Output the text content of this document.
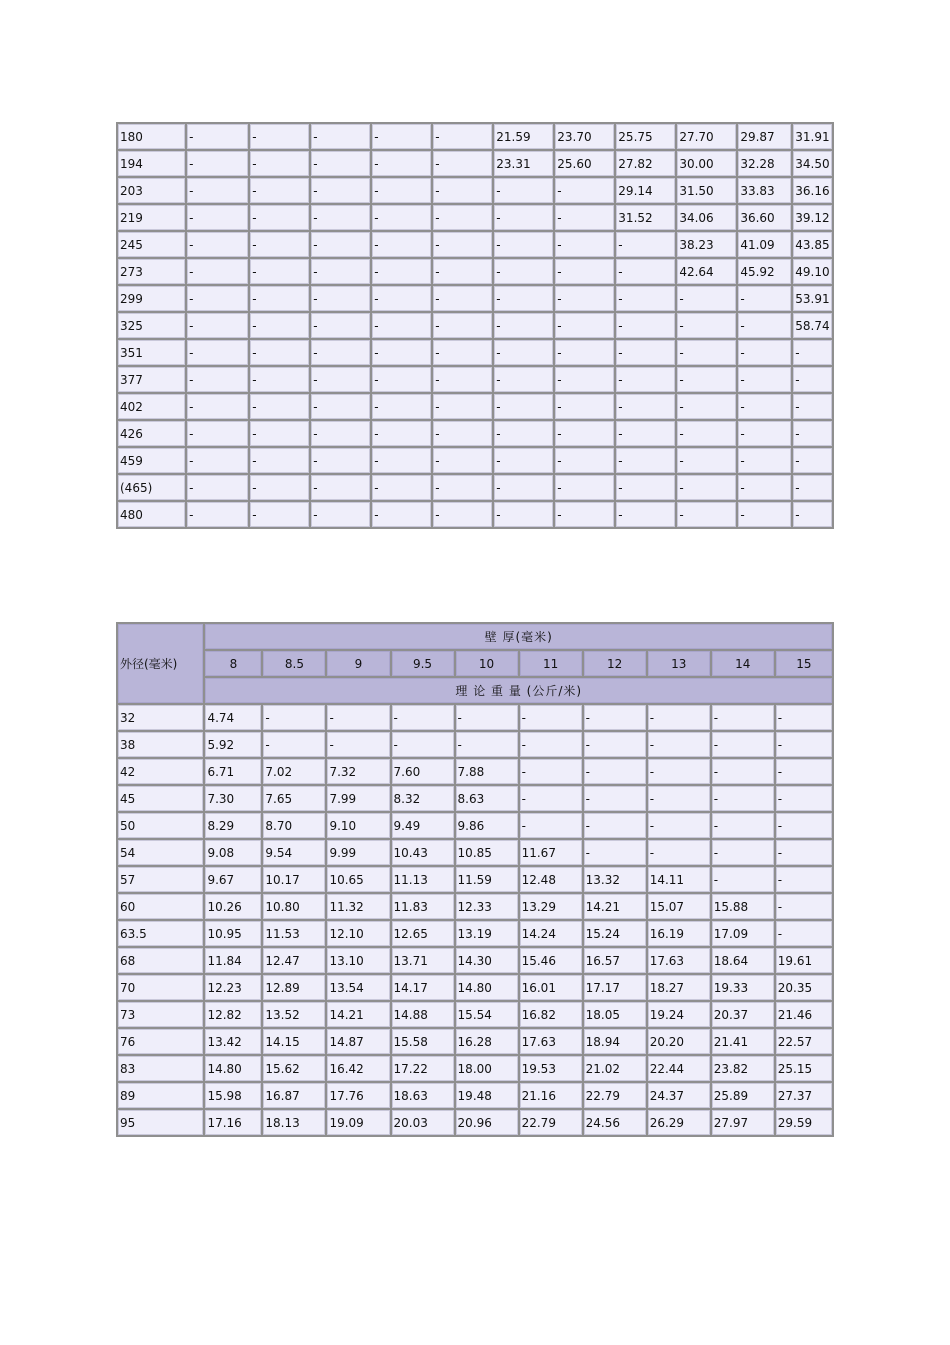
180	-	-	-	-	-	21.59	23.70	25.75	27.70	29.87	31.91
194	-	-	-	-	-	23.31	25.60	27.82	30.00	32.28	34.50
203	-	-	-	-	-	-	-	29.14	31.50	33.83	36.16
219	-	-	-	-	-	-	-	31.52	34.06	36.60	39.12
245	-	-	-	-	-	-	-	-	38.23	41.09	43.85
273	-	-	-	-	-	-	-	-	42.64	45.92	49.10
299	-	-	-	-	-	-	-	-	-	-	53.91
325	-	-	-	-	-	-	-	-	-	-	58.74
351	-	-	-	-	-	-	-	-	-	-	-
377	-	-	-	-	-	-	-	-	-	-	-
402	-	-	-	-	-	-	-	-	-	-	-
426	-	-	-	-	-	-	-	-	-	-	-
459	-	-	-	-	-	-	-	-	-	-	-
(465)	-	-	-	-	-	-	-	-	-	-	-
480	-	-	-	-	-	-	-	-	-	-	-
外径(毫米)	壁 厚(毫米)									
	8	8.5	9	9.5	10	11	12	13	14	15
	理 论 重 量 (公斤/米)									
32	4.74	-	-	-	-	-	-	-	-	-
38	5.92	-	-	-	-	-	-	-	-	-
42	6.71	7.02	7.32	7.60	7.88	-	-	-	-	-
45	7.30	7.65	7.99	8.32	8.63	-	-	-	-	-
50	8.29	8.70	9.10	9.49	9.86	-	-	-	-	-
54	9.08	9.54	9.99	10.43	10.85	11.67	-	-	-	-
57	9.67	10.17	10.65	11.13	11.59	12.48	13.32	14.11	-	-
60	10.26	10.80	11.32	11.83	12.33	13.29	14.21	15.07	15.88	-
63.5	10.95	11.53	12.10	12.65	13.19	14.24	15.24	16.19	17.09	-
68	11.84	12.47	13.10	13.71	14.30	15.46	16.57	17.63	18.64	19.61
70	12.23	12.89	13.54	14.17	14.80	16.01	17.17	18.27	19.33	20.35
73	12.82	13.52	14.21	14.88	15.54	16.82	18.05	19.24	20.37	21.46
76	13.42	14.15	14.87	15.58	16.28	17.63	18.94	20.20	21.41	22.57
83	14.80	15.62	16.42	17.22	18.00	19.53	21.02	22.44	23.82	25.15
89	15.98	16.87	17.76	18.63	19.48	21.16	22.79	24.37	25.89	27.37
95	17.16	18.13	19.09	20.03	20.96	22.79	24.56	26.29	27.97	29.59
